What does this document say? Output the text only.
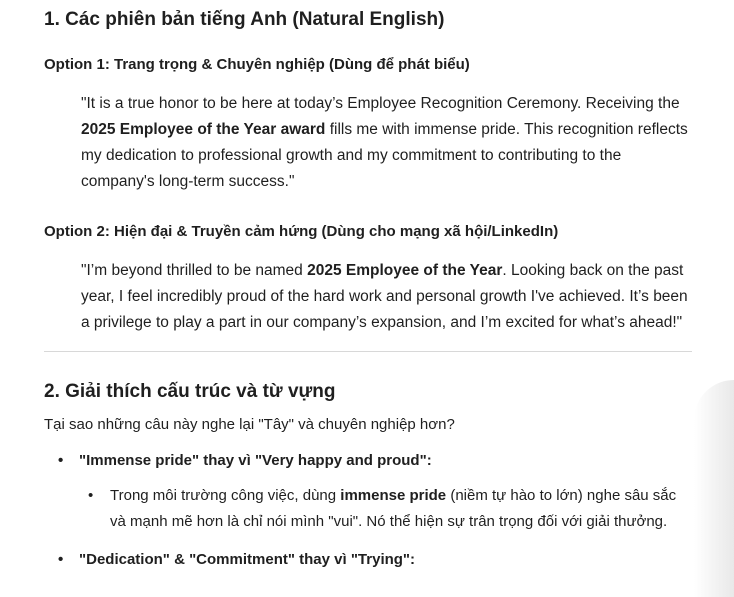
1. Các phiên bản tiếng Anh (Natural English)
Option 1: Trang trọng & Chuyên nghiệp (Dùng để phát biểu)

"It is a true honor to be here at today’s Employee Recognition Ceremony. Receiving the 2025 Employee of the Year award fills me with immense pride. This recognition reflects my dedication to professional growth and my commitment to contributing to the company's long-term success."

Option 2: Hiện đại & Truyền cảm hứng (Dùng cho mạng xã hội/LinkedIn)

"I’m beyond thrilled to be named 2025 Employee of the Year. Looking back on the past year, I feel incredibly proud of the hard work and personal growth I've achieved. It’s been a privilege to play a part in our company’s expansion, and I’m excited for what’s ahead!"

2. Giải thích cấu trúc và từ vựng

Tại sao những câu này nghe lại "Tây" và chuyên nghiệp hơn?

• "Immense pride" thay vì "Very happy and proud":
• Trong môi trường công việc, dùng immense pride (niềm tự hào to lớn) nghe sâu sắc và mạnh mẽ hơn là chỉ nói mình "vui". Nó thể hiện sự trân trọng đối với giải thưởng.
• "Dedication" & "Commitment" thay vì "Trying":
